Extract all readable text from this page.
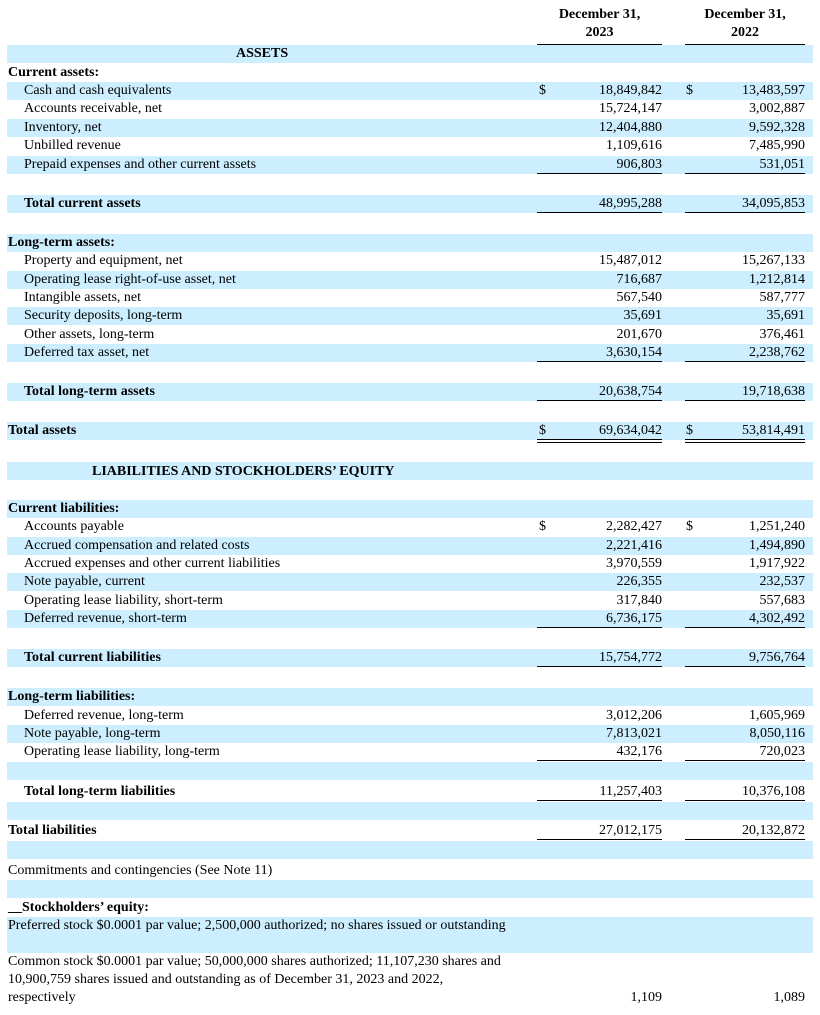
December 31,
2023
December 31,
2022
ASSETS
Current assets:
Cash and cash equivalents	$	18,849,842 $	13,483,597
Accounts receivable, net	15,724,147	3,002,887
Inventory, net	12,404,880	9,592,328
Unbilled revenue	1,109,616	7,485,990
Prepaid expenses and other current assets	906,803	531,051
Total current assets	48,995,288	34,095,853
Long-term assets:
Property and equipment, net	15,487,012	15,267,133
Operating lease right-of-use asset, net	716,687	1,212,814
Intangible assets, net	567,540	587,777
Security deposits, long-term	35,691	35,691
Other assets, long-term	201,670	376,461
Deferred tax asset, net	3,630,154	2,238,762
Total long-term assets	20,638,754	19,718,638
Total assets	$	69,634,042 $	53,814,491
LIABILITIES AND STOCKHOLDERS’ EQUITY
Current liabilities:
Accounts payable	$	2,282,427 $	1,251,240
Accrued compensation and related costs	2,221,416	1,494,890
Accrued expenses and other current liabilities	3,970,559	1,917,922
Note payable, current	226,355	232,537
Operating lease liability, short-term	317,840	557,683
Deferred revenue, short-term	6,736,175	4,302,492
Total current liabilities	15,754,772	9,756,764
Long-term liabilities:
Deferred revenue, long-term	3,012,206	1,605,969
Note payable, long-term	7,813,021	8,050,116
Operating lease liability, long-term	432,176	720,023
Total long-term liabilities	11,257,403	10,376,108
Total liabilities	27,012,175	20,132,872
Commitments and contingencies (See Note 11)
__Stockholders’ equity:
Preferred stock $0.0001 par value; 2,500,000 authorized; no shares issued or outstanding
Common stock $0.0001 par value; 50,000,000 shares authorized; 11,107,230 shares and 10,900,759 shares issued and outstanding as of December 31, 2023 and 2022, respectively	1,109	1,089
